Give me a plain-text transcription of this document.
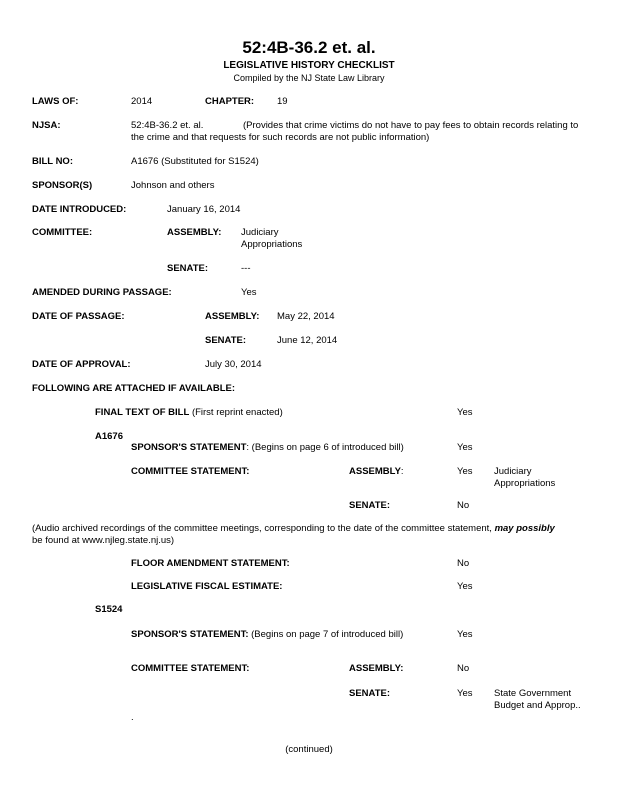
52:4B-36.2 et. al.
LEGISLATIVE HISTORY CHECKLIST
Compiled by the NJ State Law Library
LAWS OF:	2014	CHAPTER: 19
NJSA:	52:4B-36.2 et. al.	(Provides that crime victims do not have to pay fees to obtain records relating to
the crime and that requests for such records are not public information)
BILL NO:	A1676 (Substituted for S1524)
SPONSOR(S)	Johnson and others
DATE INTRODUCED:	January 16, 2014
COMMITTEE:	ASSEMBLY: Judiciary
Appropriations
SENATE:	---
AMENDED DURING PASSAGE:	Yes
DATE OF PASSAGE:	ASSEMBLY: May 22, 2014
SENATE:	June 12, 2014
DATE OF APPROVAL:	July 30, 2014
FOLLOWING ARE ATTACHED IF AVAILABLE:
FINAL TEXT OF BILL (First reprint enacted)	Yes
A1676
SPONSOR'S STATEMENT: (Begins on page 6 of introduced bill)	Yes
COMMITTEE STATEMENT:	ASSEMBLY:	Yes Judiciary
Appropriations
SENATE:	No
(Audio archived recordings of the committee meetings, corresponding to the date of the committee statement, may possibly
be found at www.njleg.state.nj.us)
FLOOR AMENDMENT STATEMENT:	No
LEGISLATIVE FISCAL ESTIMATE:	Yes
S1524
SPONSOR'S STATEMENT: (Begins on page 7 of introduced bill)	Yes
COMMITTEE STATEMENT:	ASSEMBLY:	No
SENATE:	Yes State Government
Budget and Approp..
.
(continued)
